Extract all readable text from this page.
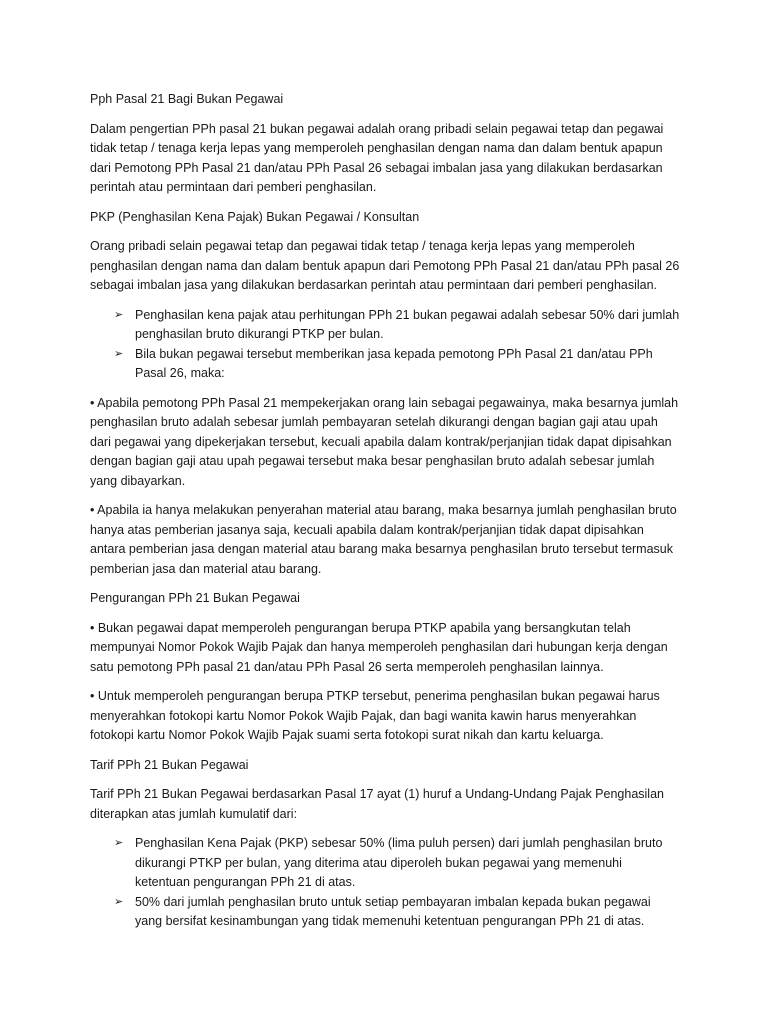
Pph Pasal 21 Bagi Bukan Pegawai

Dalam pengertian PPh pasal 21 bukan pegawai adalah orang pribadi selain pegawai tetap dan pegawai tidak tetap / tenaga kerja lepas yang memperoleh penghasilan dengan nama dan dalam bentuk apapun dari Pemotong PPh Pasal 21 dan/atau PPh Pasal 26 sebagai imbalan jasa yang dilakukan berdasarkan perintah atau permintaan dari pemberi penghasilan.

PKP (Penghasilan Kena Pajak) Bukan Pegawai / Konsultan

Orang pribadi selain pegawai tetap dan pegawai tidak tetap / tenaga kerja lepas yang memperoleh penghasilan dengan nama dan dalam bentuk apapun dari Pemotong PPh Pasal 21 dan/atau PPh pasal 26 sebagai imbalan jasa yang dilakukan berdasarkan perintah atau permintaan dari pemberi penghasilan.

➢ Penghasilan kena pajak atau perhitungan PPh 21 bukan pegawai adalah sebesar 50% dari jumlah penghasilan bruto dikurangi PTKP per bulan.
➢ Bila bukan pegawai tersebut memberikan jasa kepada pemotong PPh Pasal 21 dan/atau PPh Pasal 26, maka:

• Apabila pemotong PPh Pasal 21 mempekerjakan orang lain sebagai pegawainya, maka besarnya jumlah penghasilan bruto adalah sebesar jumlah pembayaran setelah dikurangi dengan bagian gaji atau upah dari pegawai yang dipekerjakan tersebut, kecuali apabila dalam kontrak/perjanjian tidak dapat dipisahkan dengan bagian gaji atau upah pegawai tersebut maka besar penghasilan bruto adalah sebesar jumlah yang dibayarkan.

• Apabila ia hanya melakukan penyerahan material atau barang, maka besarnya jumlah penghasilan bruto hanya atas pemberian jasanya saja, kecuali apabila dalam kontrak/perjanjian tidak dapat dipisahkan antara pemberian jasa dengan material atau barang maka besarnya penghasilan bruto tersebut termasuk pemberian jasa dan material atau barang.

Pengurangan PPh 21 Bukan Pegawai

• Bukan pegawai dapat memperoleh pengurangan berupa PTKP apabila yang bersangkutan telah mempunyai Nomor Pokok Wajib Pajak dan hanya memperoleh penghasilan dari hubungan kerja dengan satu pemotong PPh pasal 21 dan/atau PPh Pasal 26 serta memperoleh penghasilan lainnya.

• Untuk memperoleh pengurangan berupa PTKP tersebut, penerima penghasilan bukan pegawai harus menyerahkan fotokopi kartu Nomor Pokok Wajib Pajak, dan bagi wanita kawin harus menyerahkan fotokopi kartu Nomor Pokok Wajib Pajak suami serta fotokopi surat nikah dan kartu keluarga.

Tarif PPh 21 Bukan Pegawai

Tarif PPh 21 Bukan Pegawai berdasarkan Pasal 17 ayat (1) huruf a Undang-Undang Pajak Penghasilan diterapkan atas jumlah kumulatif dari:

➢ Penghasilan Kena Pajak (PKP) sebesar 50% (lima puluh persen) dari jumlah penghasilan bruto dikurangi PTKP per bulan, yang diterima atau diperoleh bukan pegawai yang memenuhi ketentuan pengurangan PPh 21 di atas.
➢ 50% dari jumlah penghasilan bruto untuk setiap pembayaran imbalan kepada bukan pegawai yang bersifat kesinambungan yang tidak memenuhi ketentuan pengurangan PPh 21 di atas.
